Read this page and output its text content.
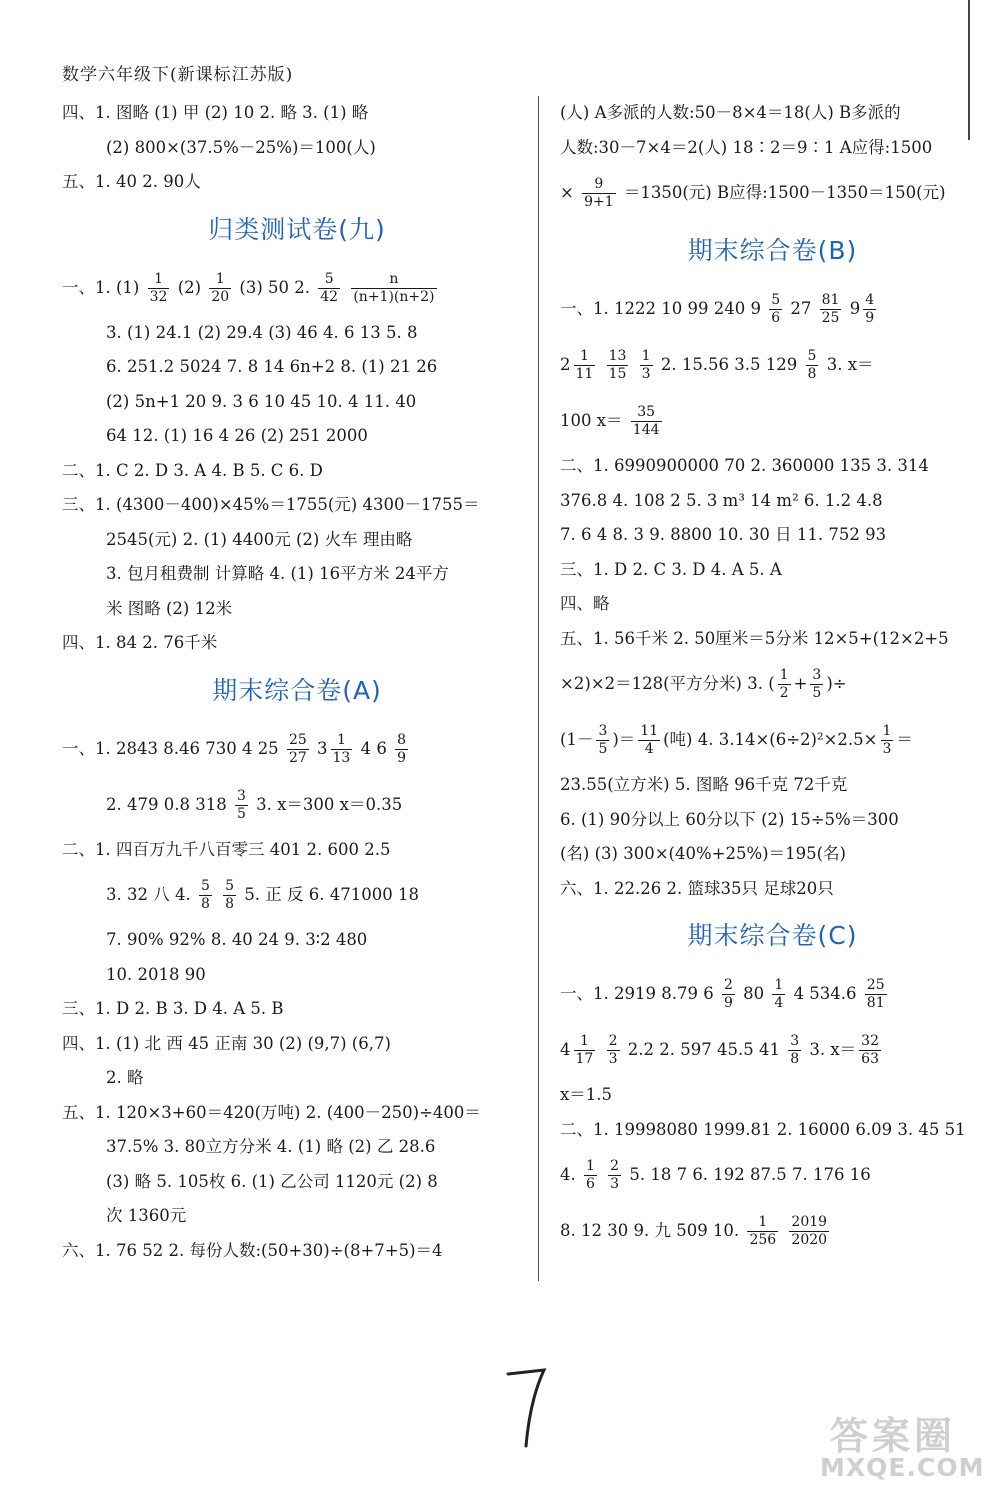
数学六年级下(新课标江苏版)
四、1. 图略 (1) 甲 (2) 10 2. 略 3. (1) 略
(2) 800×(37.5%－25%)＝100(人)
五、1. 40 2. 90人
归类测试卷(九)
一、1. $(1) \frac{1}{32} (2) \frac{1}{20} (3)$ 50 2. $\frac{5}{42}$
$\frac{n}{(n+1)(n+2)}$
3. (1) 24.1 (2) 29.4 (3) 46 4. 6 13 5. 8
6. 251.2 5024 7. 8 14 6n+2 8. (1) 21 26
(2) 5n+1 20 9. 3 6 10 45 10. 4 11. 40
64 12. (1) 16 4 26 (2) 251 2000
二、1. C 2. D 3. A 4. B 5. C 6. D
三、1. (4300－400)×45%＝1755(元) 4300－1755＝
2545(元) 2. (1) 4400元 (2) 火车 理由略
3. 包月租费制 计算略 4. (1) 16平方米 24平方
米 图略 (2) 12米
四、1. 84 2. 76千米
期末综合卷(A)
一、1. 2843 8.46 730 4 $25 \frac{25}{27} 3 \frac{1}{13} 4$ $6 \frac{8}{9}$
2. 479 0.8 $318 \frac{3}{5} 3$. x＝300 x＝0.35
二、1. 四百万九千八百零三 401 2. 600 2.5
3. 32 八 4. $\frac{5}{8}$
$\frac{5}{8} 5$. 正 反 6. 471000 18
7. 90% 92% 8. 40 24 9. 3∶2 480
10. 2018 90
三、1. D 2. B 3. D 4. A 5. B
四、1. (1) 北 西 45 正南 30 (2) (9,7) (6,7)
2. 略
五、1. 120×3+60＝420(万吨) 2. (400－250)÷400＝
37.5% 3. 80立方分米 4. (1) 略 (2) 乙 28.6
(3) 略 5. 105枚 6. (1) 乙公司 1120元 (2) 8
次 1360元
六、1. 76 52 2. 每份人数:(50+30)÷(8+7+5)＝4
(人) A多派的人数:50－8×4＝18(人) B多派的
人数:30－7×4＝2(人) 18∶2＝9∶1 A应得:1500
× $\frac{9}{9+1} =1350$(元) B应得:1500－1350＝150(元)
期末综合卷(B)
一、1. 1222 10 99 240 $9 \frac{5}{6} 27 \frac{81}{25} 9 \frac{4}{9}$
$2 \frac{1}{11}$
$\frac{13}{15}$
$\frac{1}{3} 2$. 15.56 3.5 $129 \frac{5}{8} 3$. x＝
100 $x= \frac{35}{144}$
二、1. 6990900000 70 2. 360000 135 3. 314
376.8 4. 108 2 5. 3 m³ 14 m² 6. 1.2 4.8
7. 6 4 8. 3 9. 8800 10. 30 日 11. 752 93
三、1. D 2. C 3. D 4. A 5. A
四、略
五、1. 56千米 2. 50厘米＝5分米 12×5+(12×2+5
×2)×2＝128(平方分米) 3. ( $\frac{1}{2} + \frac{3}{5}$ )÷
($1- \frac{3}{5}$ )＝ $\frac{11}{4}$ (吨) 4. $3.14\times(6\div 2)^2\times 2.5\times \frac{1}{3}$ ＝
23.55(立方米) 5. 图略 96千克 72千克
6. (1) 90分以上 60分以下 (2) 15÷5%＝300
(名) (3) 300×(40%+25%)＝195(名)
六、1. 22.26 2. 篮球35只 足球20只
期末综合卷(C)
一、1. 2919 8.79 $6 \frac{2}{9} 80 \frac{1}{4} 4$ $534.6 \frac{25}{81}$
$4 \frac{1}{17}$
$\frac{2}{3} 2.2$ 2. 597 45.5 $41 \frac{3}{8} 3$. $x= \frac{32}{63}$
x＝1.5
二、1. 19998080 1999.81 2. 16000 6.09 3. 45 51
4. $\frac{1}{6}$
$\frac{2}{3} 5$. 18 7 6. 192 87.5 7. 176 16
8. 12 30 9. 九 509 10. $\frac{1}{256}$
$\frac{2019}{2020}$
答案圈
MXQE.COM
